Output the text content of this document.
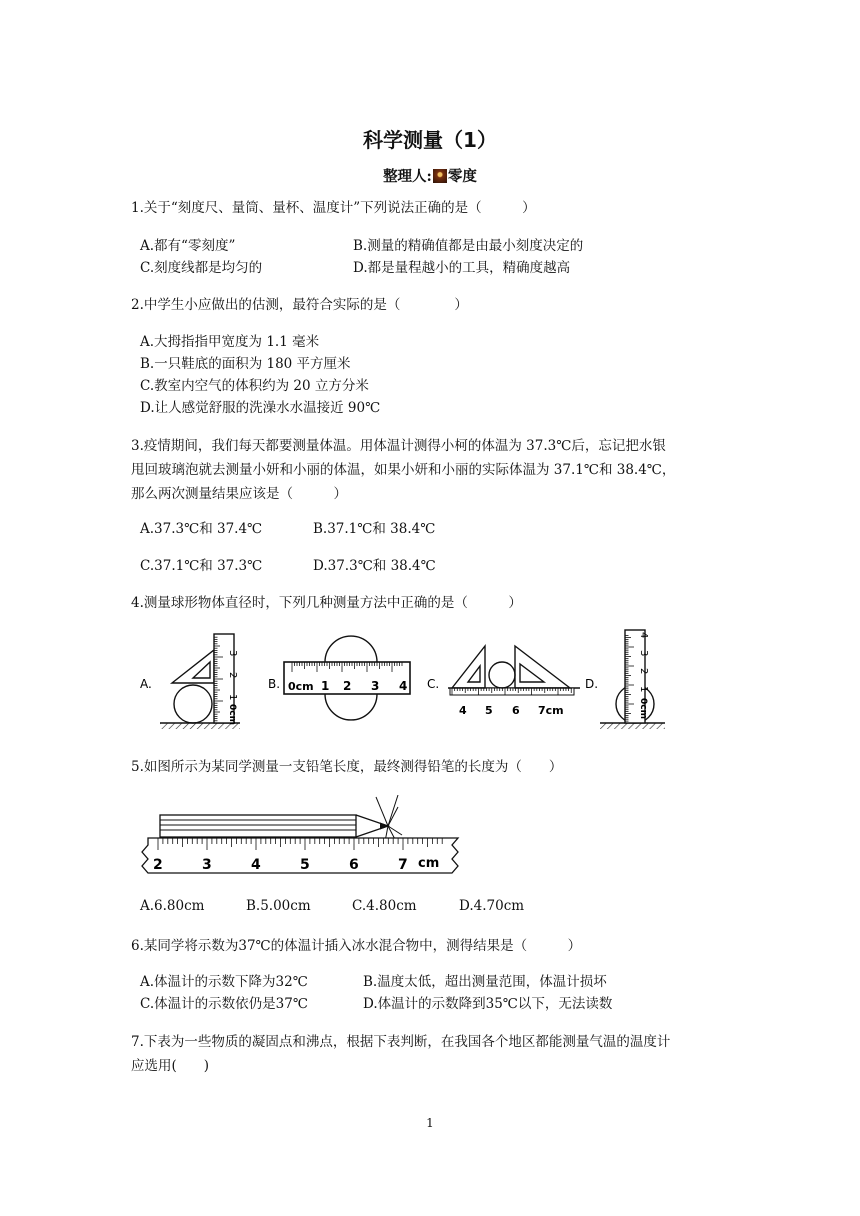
科学测量（1）
整理人: 零度
1.关于“刻度尺、量筒、量杯、温度计”下列说法正确的是（　　　）
A.都有“零刻度”	B.测量的精确值都是由最小刻度决定的
C.刻度线都是均匀的	D.都是量程越小的工具，精确度越高
2.中学生小应做出的估测，最符合实际的是（　　　　）
A.大拇指指甲宽度为 1.1 毫米
B.一只鞋底的面积为 180 平方厘米
C.教室内空气的体积约为 20 立方分米
D.让人感觉舒服的洗澡水水温接近 90℃
3.疫情期间，我们每天都要测量体温。用体温计测得小柯的体温为 37.3℃后，忘记把水银
甩回玻璃泡就去测量小妍和小丽的体温，如果小妍和小丽的实际体温为 37.1℃和 38.4℃，
那么两次测量结果应该是（　　　）
A.37.3℃和 37.4℃	B.37.1℃和 38.4℃
C.37.1℃和 37.3℃	D.37.3℃和 38.4℃
4.测量球形物体直径时，下列几种测量方法中正确的是（　　　）
A.
3
2
1
0cm
B. 0cm 2
1	3 4 C.
4 5 6 7cm
D.
4
3
2
1
0cm
5.如图所示为某同学测量一支铅笔长度，最终测得铅笔的长度为（　　）
2	3	4	5	6	7 cm
A.6.80cm	B.5.00cm	C.4.80cm	D.4.70cm
6.某同学将示数为37℃的体温计插入冰水混合物中，测得结果是（　　　）
A.体温计的示数下降为32℃	B.温度太低，超出测量范围，体温计损坏
C.体温计的示数依仍是37℃	D.体温计的示数降到35℃以下，无法读数
7.下表为一些物质的凝固点和沸点，根据下表判断，在我国各个地区都能测量气温的温度计
应选用(　　)
1
